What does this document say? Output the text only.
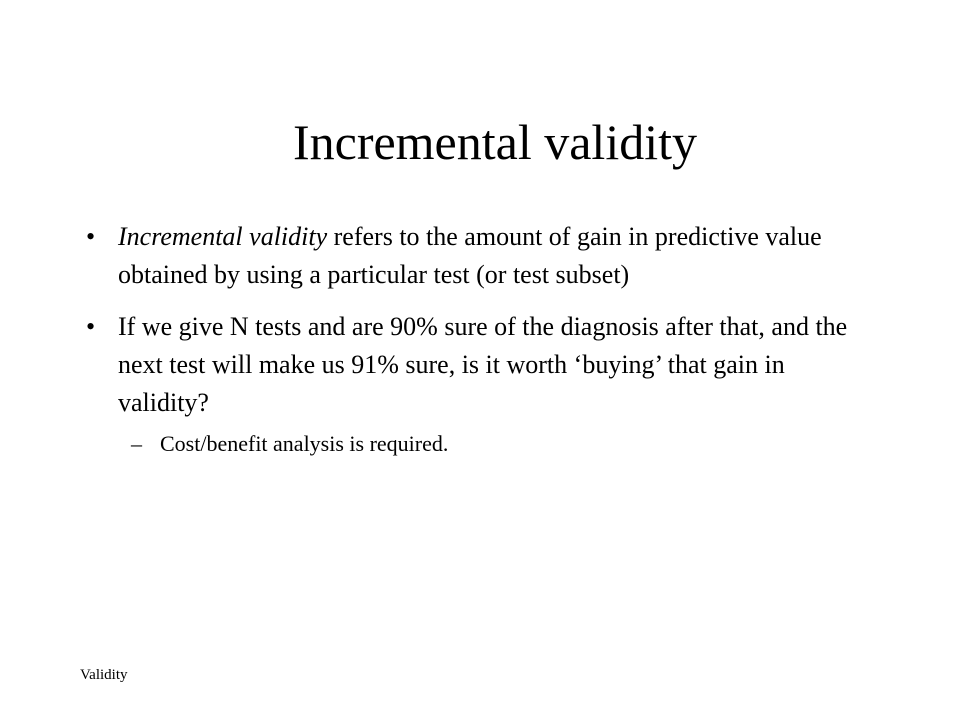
Incremental validity
• Incremental validity refers to the amount of gain in predictive value obtained by using a particular test (or test subset)
• If we give N tests and are 90% sure of the diagnosis after that, and the next test will make us 91% sure, is it worth ‘buying’ that gain in validity?
– Cost/benefit analysis is required.
Validity
